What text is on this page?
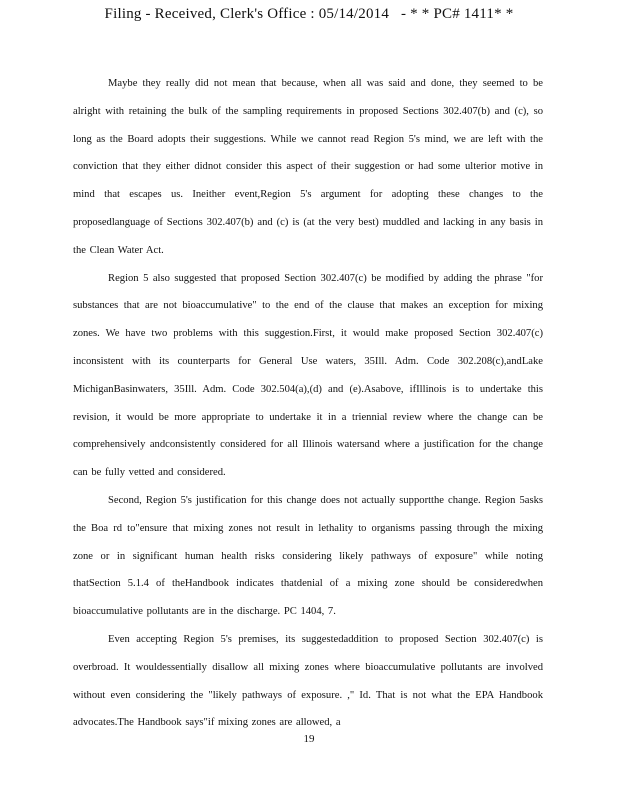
Filing - Received, Clerk's Office : 05/14/2014 - * * PC# 1411* *

Maybe they really did not mean that because, when all was said and done, they seemed to be alright with retaining the bulk of the sampling requirements in proposed Sections 302.407(b) and (c), so long as the Board adopts their suggestions. While we cannot read Region 5's mind, we are left with the conviction that they either didnot consider this aspect of their suggestion or had some ulterior motive in mind that escapes us. Ineither event,Region 5's argument for adopting these changes to the proposedlanguage of Sections 302.407(b) and (c) is (at the very best) muddled and lacking in any basis in the Clean Water Act.

Region 5 also suggested that proposed Section 302.407(c) be modified by adding the phrase "for substances that are not bioaccumulative" to the end of the clause that makes an exception for mixing zones. We have two problems with this suggestion.First, it would make proposed Section 302.407(c) inconsistent with its counterparts for General Use waters, 35Ill. Adm. Code 302.208(c),andLake MichiganBasinwaters, 35Ill. Adm. Code 302.504(a),(d) and (e).Asabove, ifIllinois is to undertake this revision, it would be more appropriate to undertake it in a triennial review where the change can be comprehensively andconsistently considered for all Illinois watersand where a justification for the change can be fully vetted and considered.

Second, Region 5's justification for this change does not actually supportthe change. Region 5asks the Boa rd to"ensure that mixing zones not result in lethality to organisms passing through the mixing zone or in significant human health risks considering likely pathways of exposure" while noting thatSection 5.1.4 of theHandbook indicates thatdenial of a mixing zone should be consideredwhen bioaccumulative pollutants are in the discharge. PC 1404, 7.

Even accepting Region 5's premises, its suggestedaddition to proposed Section 302.407(c) is overbroad. It wouldessentially disallow all mixing zones where bioaccumulative pollutants are involved without even considering the "likely pathways of exposure. ," Id. That is not what the EPA Handbook advocates.The Handbook says"if mixing zones are allowed, a

19
